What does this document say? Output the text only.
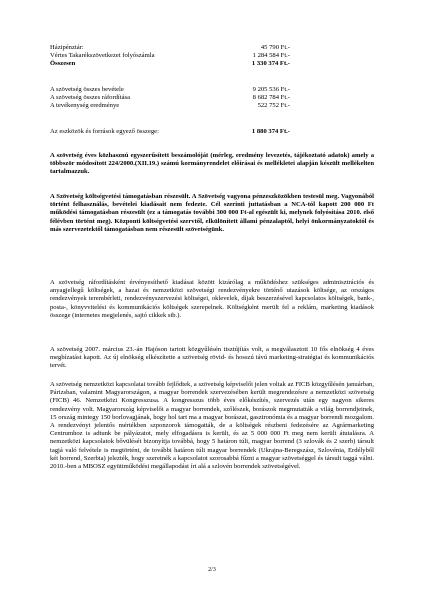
Házipénztár:	45 790 Ft.-
Vértes Takarékszövetkezet folyószámla	1 284 584 Ft.-
Összesen	1 330 374 Ft.-
A szövetség összes bevétele	9 205 536 Ft.-
A szövetség összes ráfordítása	8 682 784 Ft.-
A tevékenység eredménye	522 752 Ft.-
Az eszközök és források egyező összege:	1 880 374 Ft.-
A szövetség éves közhasznú egyszerűsített beszámolóját (mérleg, eredmény levezetés, tájékoztató adatok) amely a többször módosított 224/2000.(XII.19.) számú kormányrendelet előírásai és mellékletei alapján készült mellékelten tartalmazzuk.
A Szövetség költségvetési támogatásban részesült. A Szövetség vagyona pénzeszközökben testesül meg. Vagyonából történt felhasználás, bevételei kiadásait nem fedezte. Cél szerinti juttatásban a NCA-tól kapott 200 000 Ft működési támogatásban részesült (ez a támogatás további 300 000 Ft-al egészült ki, melynek folyósítása 2010. első félévben történt meg). Központi költségvetési szervtől, elkülönített állami pénzalaptól, helyi önkormányzatoktól és más szervezetektől támogatásban nem részesült szövetségünk.
A szövetség ráfordításként érvényesíthető kiadásai között kizárólag a működéshez szükséges adminisztrációs és anyagjellegű költségek, a hazai és nemzetközi szövetségi rendezvényekre történő utazások költsége, az országos rendezvények terembérleti, rendezvényszervezési költségei, oklevelek, díjak beszerzésével kapcsolatos költségek, bank-, posta-, könyvvitelési és kommunikációs költségek szerepelnek. Költségként merült fel a reklám, marketing kiadások összege (internetes megjelenés, sajtó cikkek stb.).
A szövetség 2007. március 23.-án Hajóson tartott közgyűlésén tisztújítás volt, a megválasztott 10 fős elnökség 4 éves megbízatást kapott. Az új elnökség elkészítette a szövetség rövid- és hosszú távú marketing-stratégiai és kommunikációs tervét.
A szövetség nemzetközi kapcsolatai tovább fejlődtek, a szövetség képviselői jelen voltak az FICB közgyűlésén januárban, Párizsban, valamint Magyarországon, a magyar borrendek szervezésében került megrendezésre a nemzetközi szövetség (FICB) 46. Nemzetközi Kongresszusa. A kongresszus több éves előkészítés, szervezés után egy nagyon sikeres rendezvény volt. Magyarország képviselői a magyar borrendek, szőlészek, borászok megmutatták a világ borrendjeinek, 15 ország mintegy 150 borlovagjának, hogy hol tart ma a magyar borászat, gasztronómia és a magyar borrendi mozgalom. A rendezvényt jelentős mértékben szponzorok támogatták, de a költségek részbeni fedezésére az Agrármarketing Centrumhoz is adtunk be pályázatot, mely elfogadásra is került, és az 5 000 000 Ft meg nem került átutalásra. A nemzetközi kapcsolatok bővülését bizonyítja továbbá, hogy 5 határon túli, magyar borrend (3 szlovák és 2 szerb) társult tagjá való felvétele is megtörtént, de további határon túli magyar borrendek (Ukrajna-Beregszász, Szlovénia, Erdélyből két borrend, Szerbia) jelezték, hogy szeretnék a kapcsolatot szorosabbá fűzni a magyar szövetséggel és társult taggá válni. 2010.-ben a MBOSZ együttműködési megállapodást írt alá a szlovén borrendek szövetségével.
2/3
